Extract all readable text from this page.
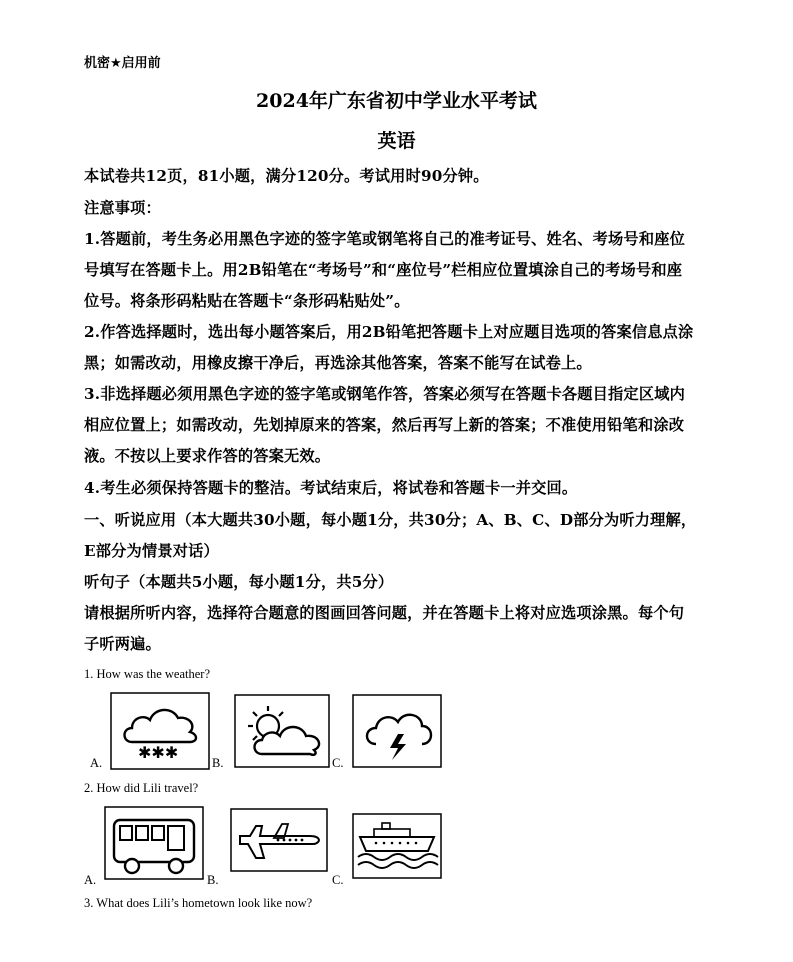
机密★启用前
2024年广东省初中学业水平考试
英语
本试卷共12页，81小题，满分120分。考试用时90分钟。
注意事项：
1.答题前，考生务必用黑色字迹的签字笔或钢笔将自己的准考证号、姓名、考场号和座位
号填写在答题卡上。用2B铅笔在“考场号”和“座位号”栏相应位置填涂自己的考场号和座
位号。将条形码粘贴在答题卡“条形码粘贴处”。
2.作答选择题时，选出每小题答案后，用2B铅笔把答题卡上对应题目选项的答案信息点涂
黑；如需改动，用橡皮擦干净后，再选涂其他答案，答案不能写在试卷上。
3.非选择题必须用黑色字迹的签字笔或钢笔作答，答案必须写在答题卡各题目指定区域内
相应位置上；如需改动，先划掉原来的答案，然后再写上新的答案；不准使用铅笔和涂改
液。不按以上要求作答的答案无效。
4.考生必须保持答题卡的整洁。考试结束后，将试卷和答题卡一并交回。
一、听说应用（本大题共30小题，每小题1分，共30分；A、B、C、D部分为听力理解，
E部分为情景对话）
听句子（本题共5小题，每小题1分，共5分）
请根据所听内容，选择符合题意的图画回答问题，并在答题卡上将对应选项涂黑。每个句
子听两遍。
1. How was the weather?
A.
✱✱✱
B.	C.
2. How did Lili travel?
A.	B.	C.
3. What does Lili’s hometown look like now?
